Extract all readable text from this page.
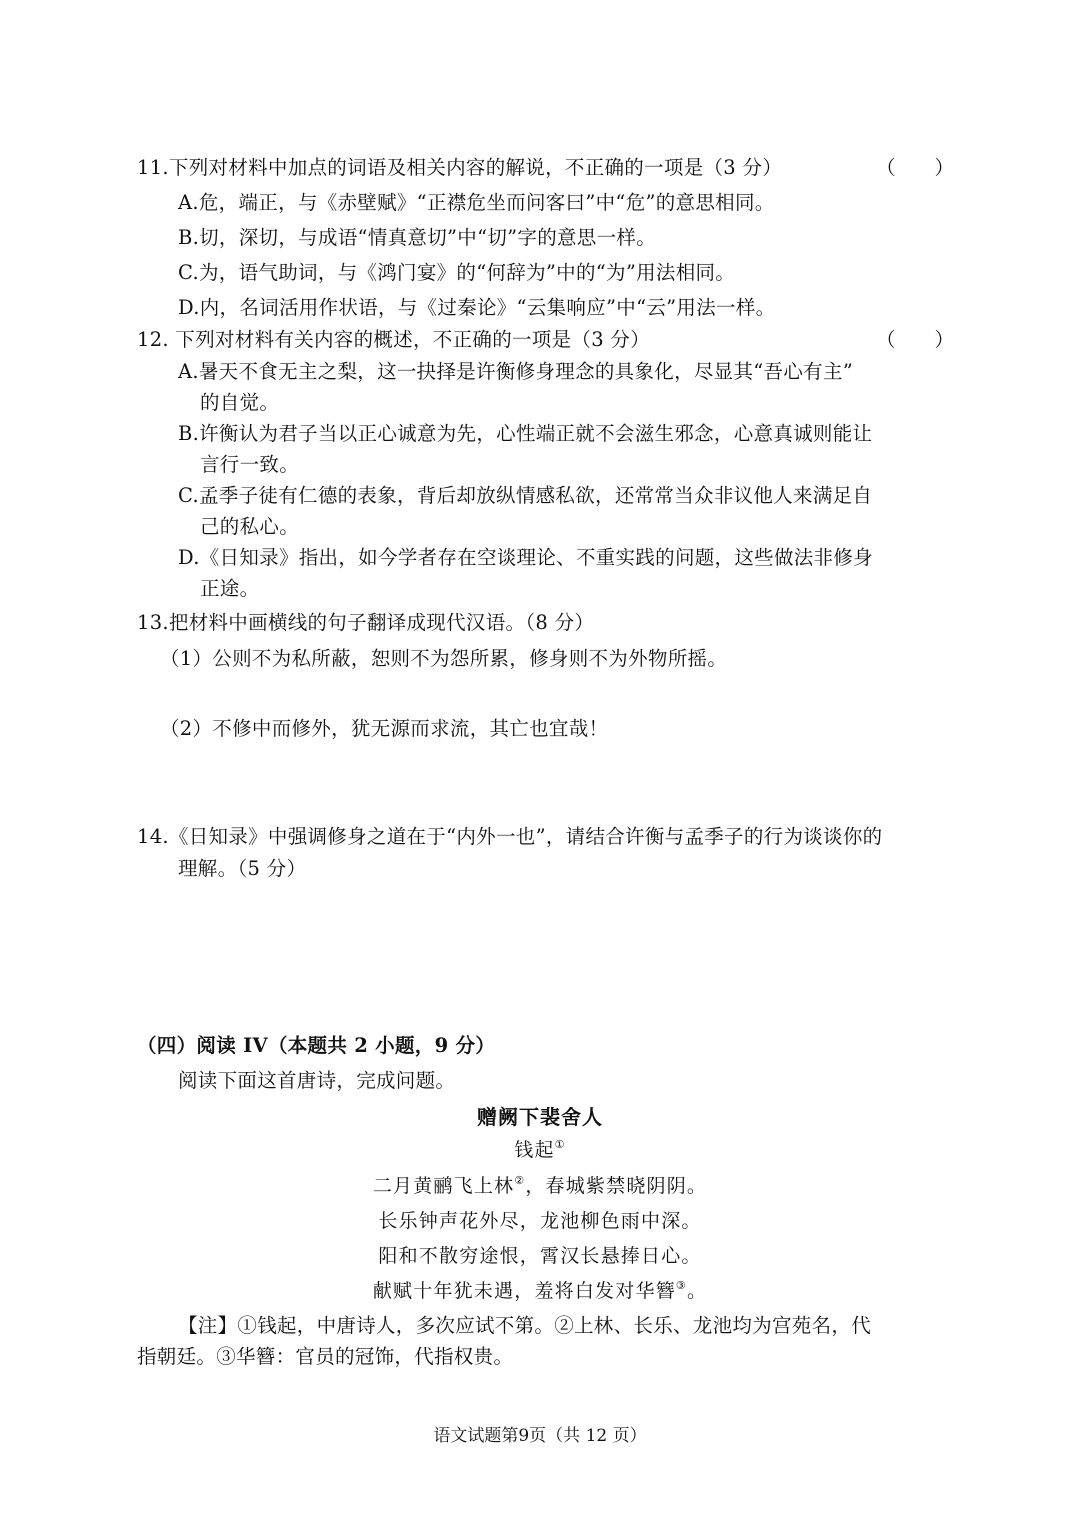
11.下列对材料中加点的词语及相关内容的解说，不正确的一项是（3 分）	（　　）
A.危，端正，与《赤壁赋》“正襟危坐而问客曰”中“危”的意思相同。
B.切，深切，与成语“情真意切”中“切”字的意思一样。
C.为，语气助词，与《鸿门宴》的“何辞为”中的“为”用法相同。
D.内，名词活用作状语，与《过秦论》“云集响应”中“云”用法一样。
12. 下列对材料有关内容的概述，不正确的一项是（3 分）	（　　）
A.暑天不食无主之梨，这一抉择是许衡修身理念的具象化，尽显其“吾心有主”
的自觉。
B.许衡认为君子当以正心诚意为先，心性端正就不会滋生邪念，心意真诚则能让
言行一致。
C.孟季子徒有仁德的表象，背后却放纵情感私欲，还常常当众非议他人来满足自
己的私心。
D.《日知录》指出，如今学者存在空谈理论、不重实践的问题，这些做法非修身
正途。
13.把材料中画横线的句子翻译成现代汉语。（8 分）
（1）公则不为私所蔽，恕则不为怨所累，修身则不为外物所摇。
（2）不修中而修外，犹无源而求流，其亡也宜哉！
14.《日知录》中强调修身之道在于“内外一也”，请结合许衡与孟季子的行为谈谈你的
理解。（5 分）
（四）阅读 IV（本题共 2 小题，9 分）
阅读下面这首唐诗，完成问题。
赠阙下裴舍人
钱起①
二月黄鹂飞上林②，春城紫禁晓阴阴。
长乐钟声花外尽，龙池柳色雨中深。
阳和不散穷途恨，霄汉长悬捧日心。
献赋十年犹未遇，羞将白发对华簪③。
【注】①钱起，中唐诗人，多次应试不第。②上林、长乐、龙池均为宫苑名，代
指朝廷。③华簪：官员的冠饰，代指权贵。
语文试题第9页（共 12 页）
